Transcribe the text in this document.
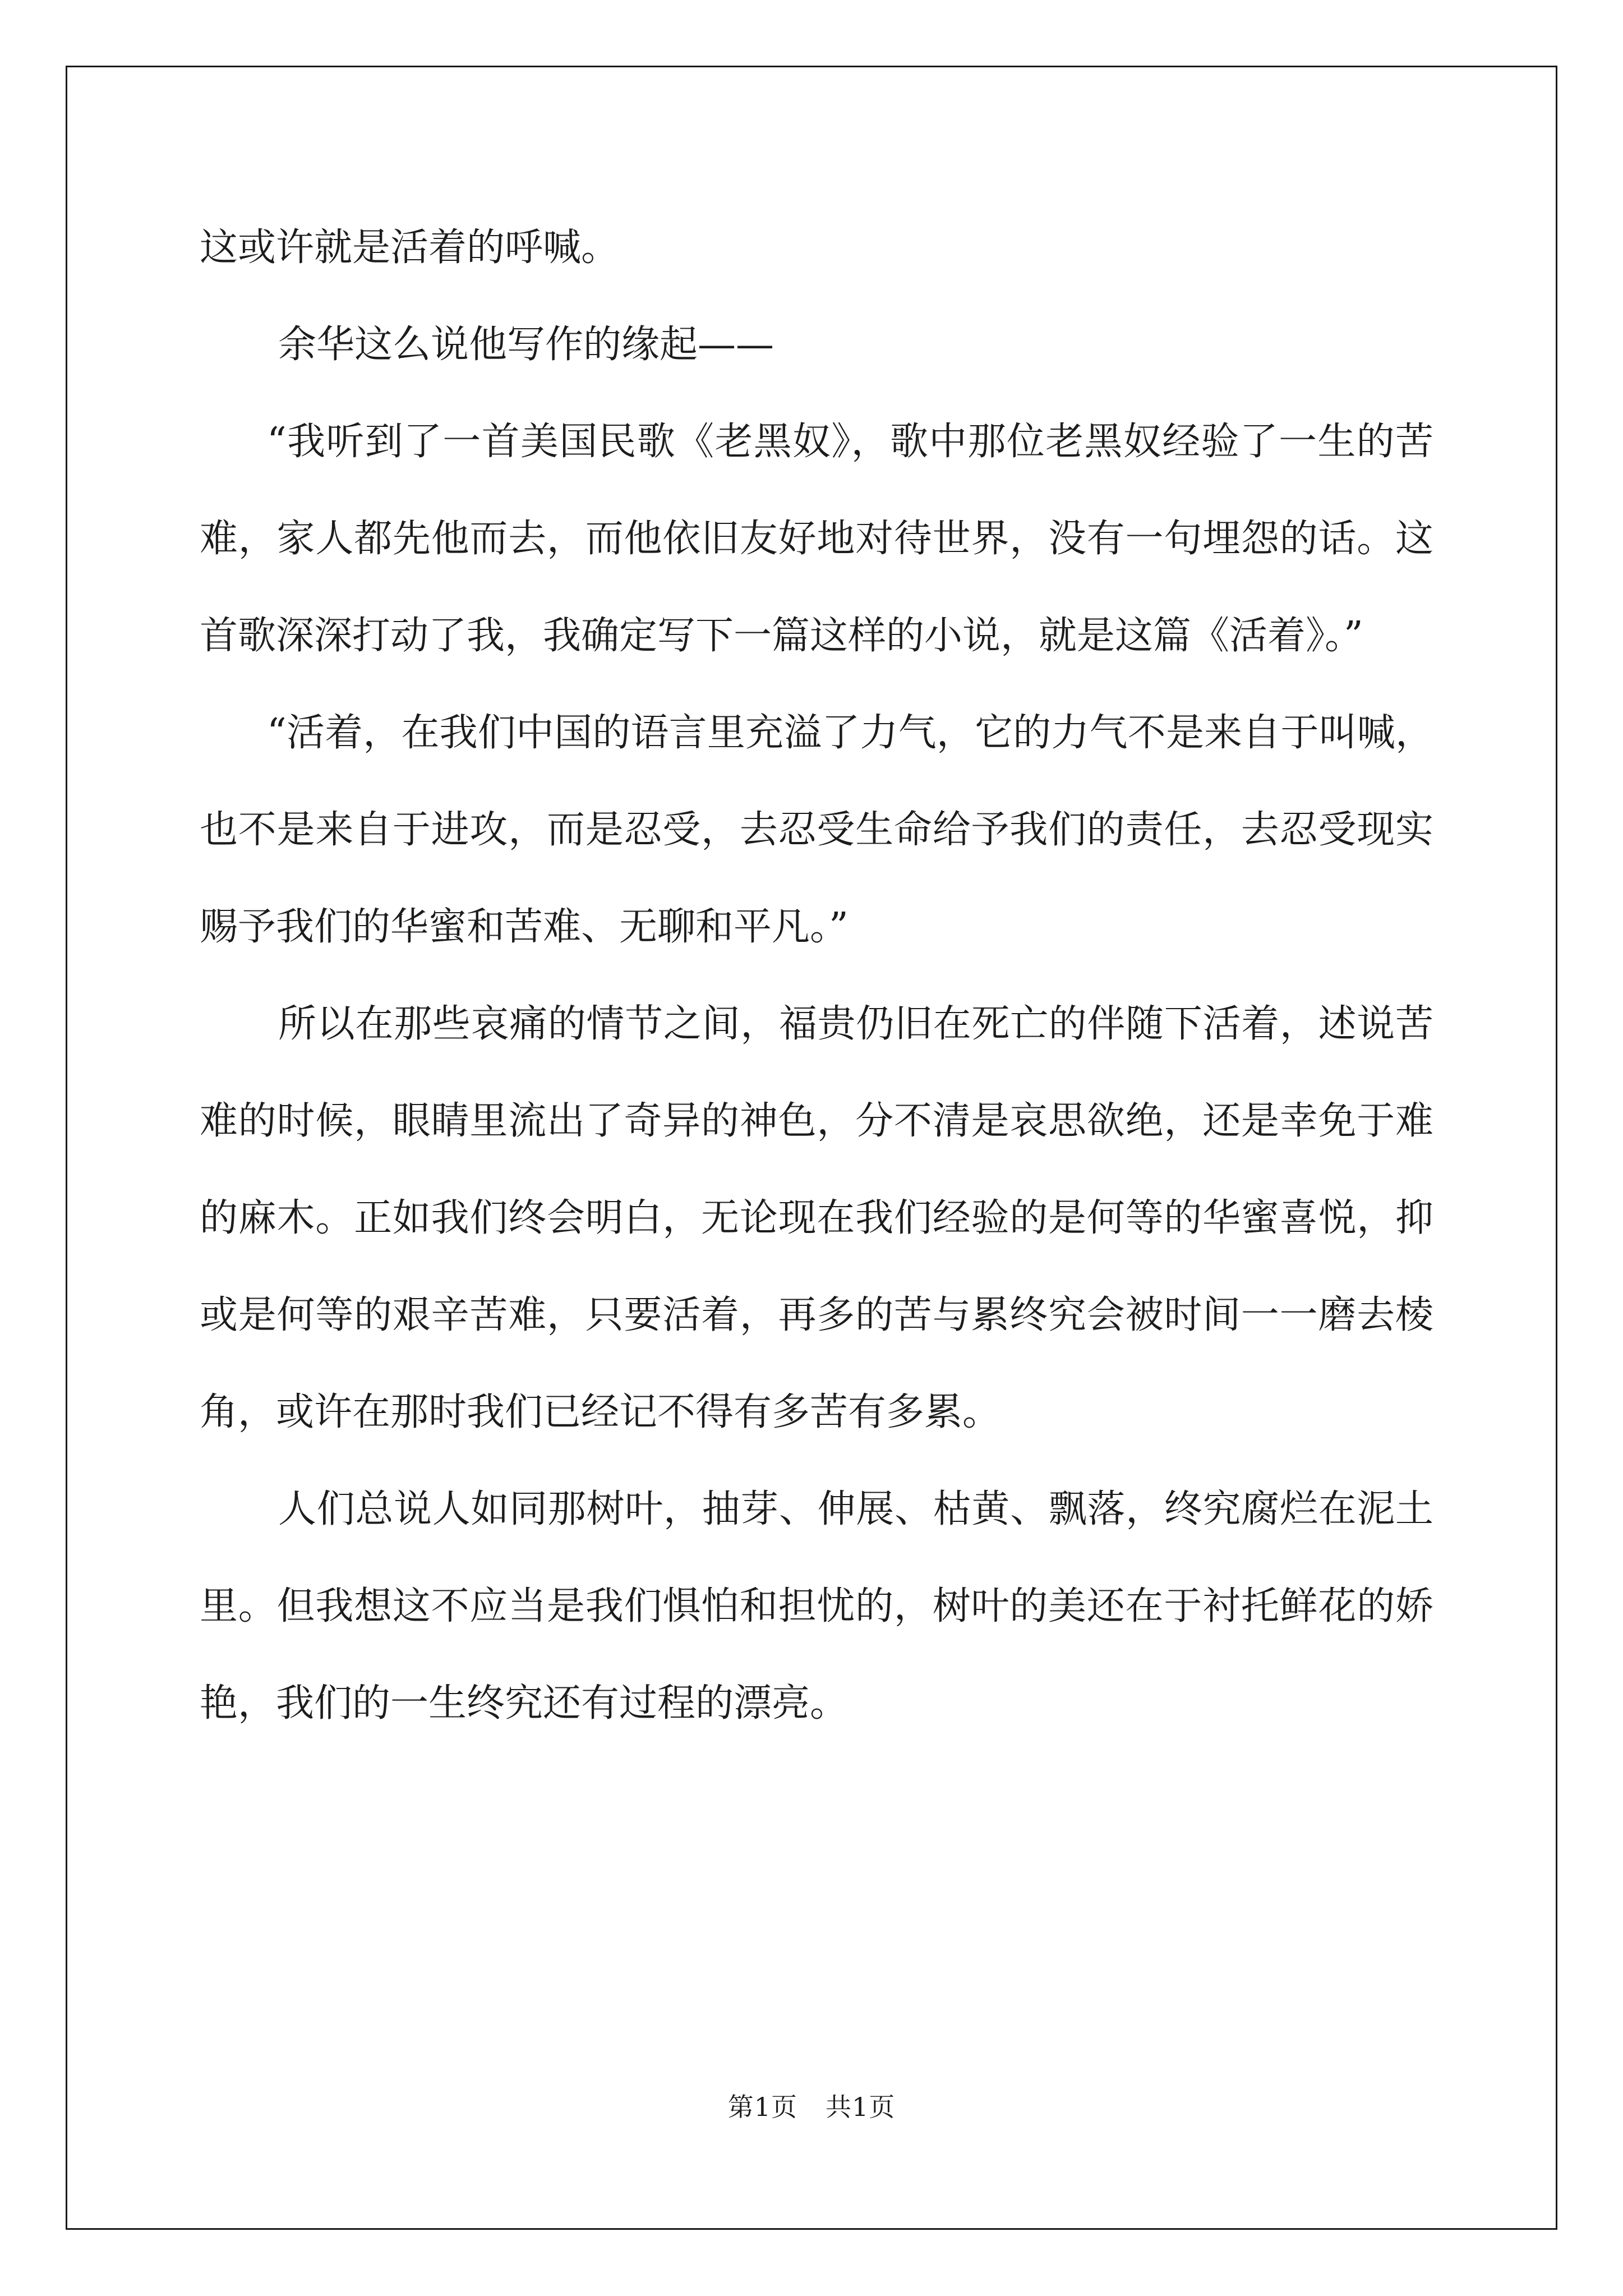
这或许就是活着的呼喊。

余华这么说他写作的缘起——

“我听到了一首美国民歌《老黑奴》，歌中那位老黑奴经验了一生的苦难，家人都先他而去，而他依旧友好地对待世界，没有一句埋怨的话。这首歌深深打动了我，我确定写下一篇这样的小说，就是这篇《活着》。”

“活着，在我们中国的语言里充溢了力气，它的力气不是来自于叫喊，也不是来自于进攻，而是忍受，去忍受生命给予我们的责任，去忍受现实赐予我们的华蜜和苦难、无聊和平凡。”

所以在那些哀痛的情节之间，福贵仍旧在死亡的伴随下活着，述说苦难的时候，眼睛里流出了奇异的神色，分不清是哀思欲绝，还是幸免于难的麻木。正如我们终会明白，无论现在我们经验的是何等的华蜜喜悦，抑或是何等的艰辛苦难，只要活着，再多的苦与累终究会被时间一一磨去棱角，或许在那时我们已经记不得有多苦有多累。

人们总说人如同那树叶，抽芽、伸展、枯黄、飘落，终究腐烂在泥土里。但我想这不应当是我们惧怕和担忧的，树叶的美还在于衬托鲜花的娇艳，我们的一生终究还有过程的漂亮。

第1页 共1页
